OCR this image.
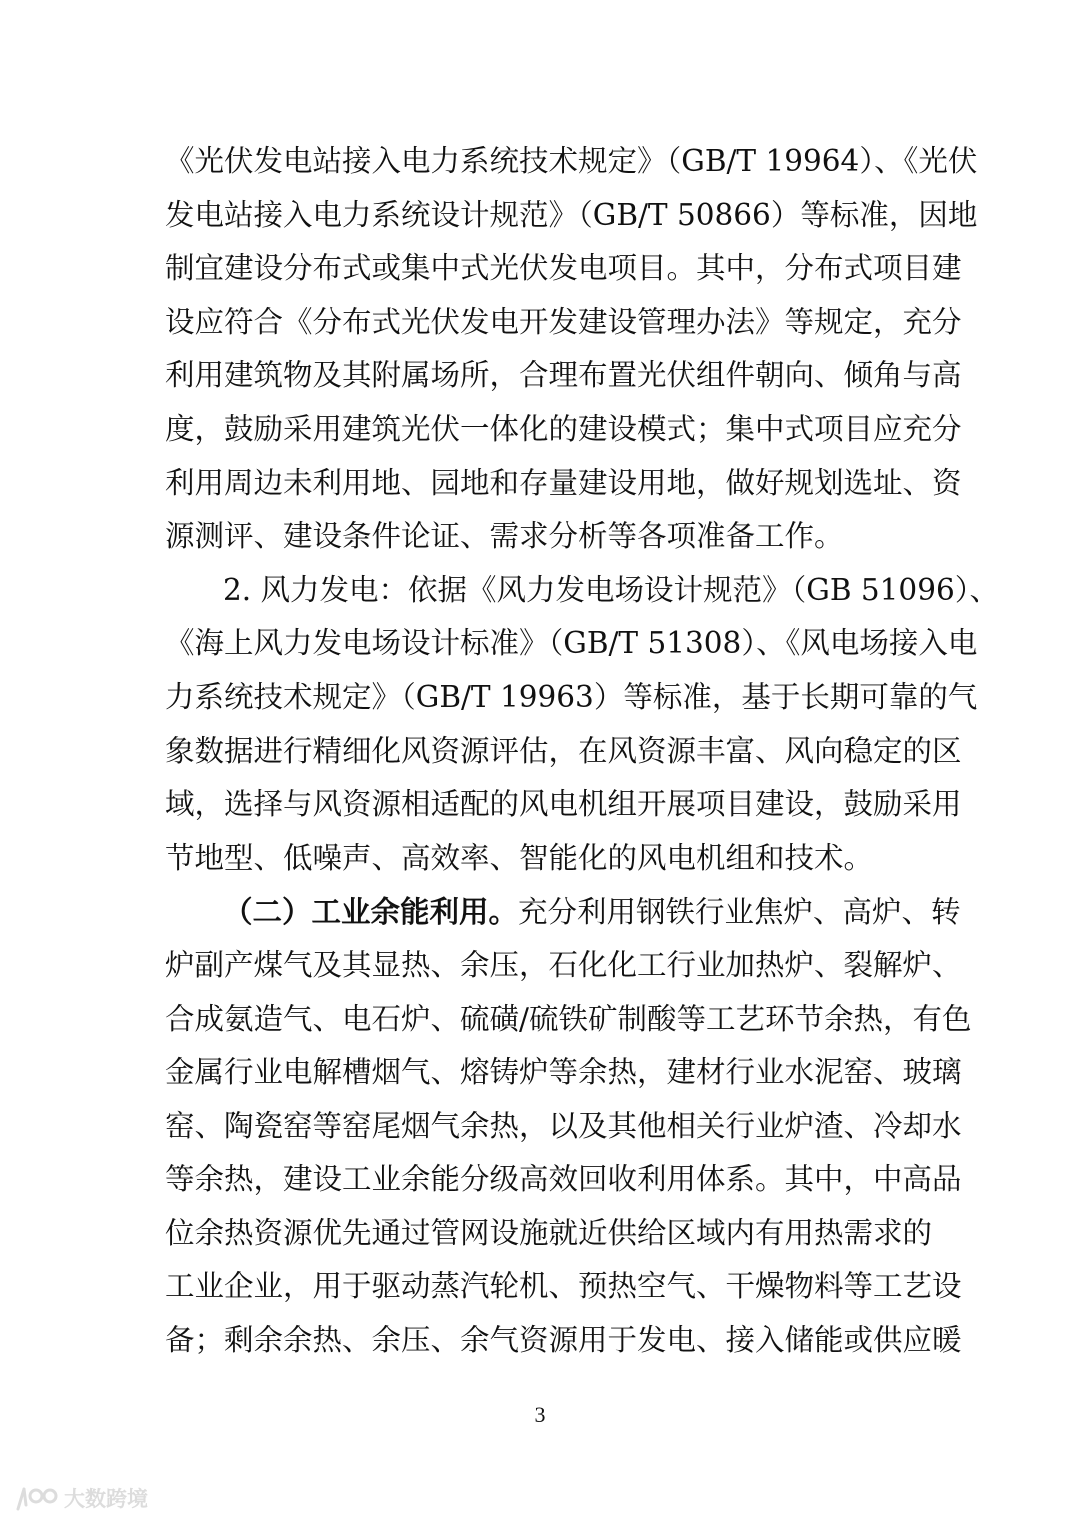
《光伏发电站接入电力系统技术规定》（GB/T 19964）、《光伏
发电站接入电力系统设计规范》（GB/T 50866）等标准，因地
制宜建设分布式或集中式光伏发电项目。其中，分布式项目建
设应符合《分布式光伏发电开发建设管理办法》等规定，充分
利用建筑物及其附属场所，合理布置光伏组件朝向、倾角与高
度，鼓励采用建筑光伏一体化的建设模式；集中式项目应充分
利用周边未利用地、园地和存量建设用地，做好规划选址、资
源测评、建设条件论证、需求分析等各项准备工作。
2. 风力发电：依据《风力发电场设计规范》（GB 51096）、
《海上风力发电场设计标准》（GB/T 51308）、《风电场接入电
力系统技术规定》（GB/T 19963）等标准，基于长期可靠的气
象数据进行精细化风资源评估，在风资源丰富、风向稳定的区
域，选择与风资源相适配的风电机组开展项目建设，鼓励采用
节地型、低噪声、高效率、智能化的风电机组和技术。
（二）工业余能利用。充分利用钢铁行业焦炉、高炉、转
炉副产煤气及其显热、余压，石化化工行业加热炉、裂解炉、
合成氨造气、电石炉、硫磺/硫铁矿制酸等工艺环节余热，有色
金属行业电解槽烟气、熔铸炉等余热，建材行业水泥窑、玻璃
窑、陶瓷窑等窑尾烟气余热，以及其他相关行业炉渣、冷却水
等余热，建设工业余能分级高效回收利用体系。其中，中高品
位余热资源优先通过管网设施就近供给区域内有用热需求的
工业企业，用于驱动蒸汽轮机、预热空气、干燥物料等工艺设
备；剩余余热、余压、余气资源用于发电、接入储能或供应暖
3
大数跨境
